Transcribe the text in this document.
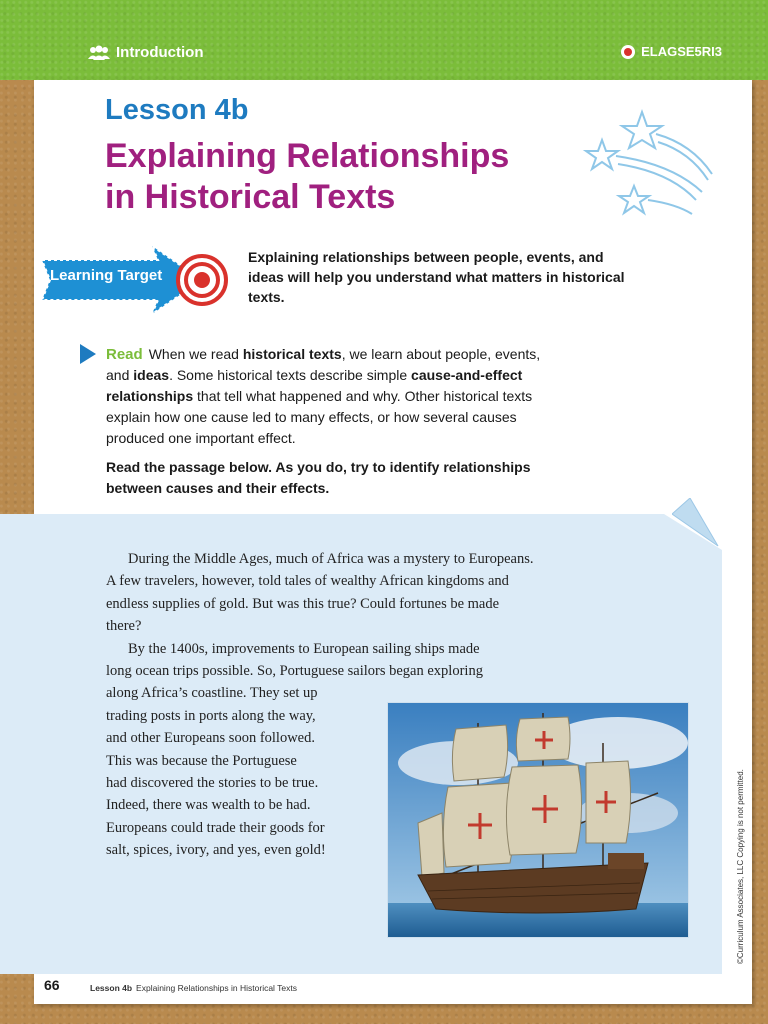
Introduction	ELAGSE5RI3
Lesson 4b
Explaining Relationships
in Historical Texts
Learning Target
Explaining relationships between people, events, and ideas will help you understand what matters in historical texts.
Read When we read historical texts, we learn about people, events, and ideas. Some historical texts describe simple cause-and-effect relationships that tell what happened and why. Other historical texts explain how one cause led to many effects, or how several causes produced one important effect.
Read the passage below. As you do, try to identify relationships between causes and their effects.

During the Middle Ages, much of Africa was a mystery to Europeans. A few travelers, however, told tales of wealthy African kingdoms and endless supplies of gold. But was this true? Could fortunes be made there?

By the 1400s, improvements to European sailing ships made

long ocean trips possible. So, Portuguese sailors began exploring
along Africa’s coastline. They set up
trading posts in ports along the way,
and other Europeans soon followed.
This was because the Portuguese
had discovered the stories to be true.
Indeed, there was wealth to be had.
Europeans could trade their goods for
salt, spices, ivory, and yes, even gold!	©Curriculum Associates, LLC Copying is not permitted.
66	Lesson 4b Explaining Relationships in Historical Texts
